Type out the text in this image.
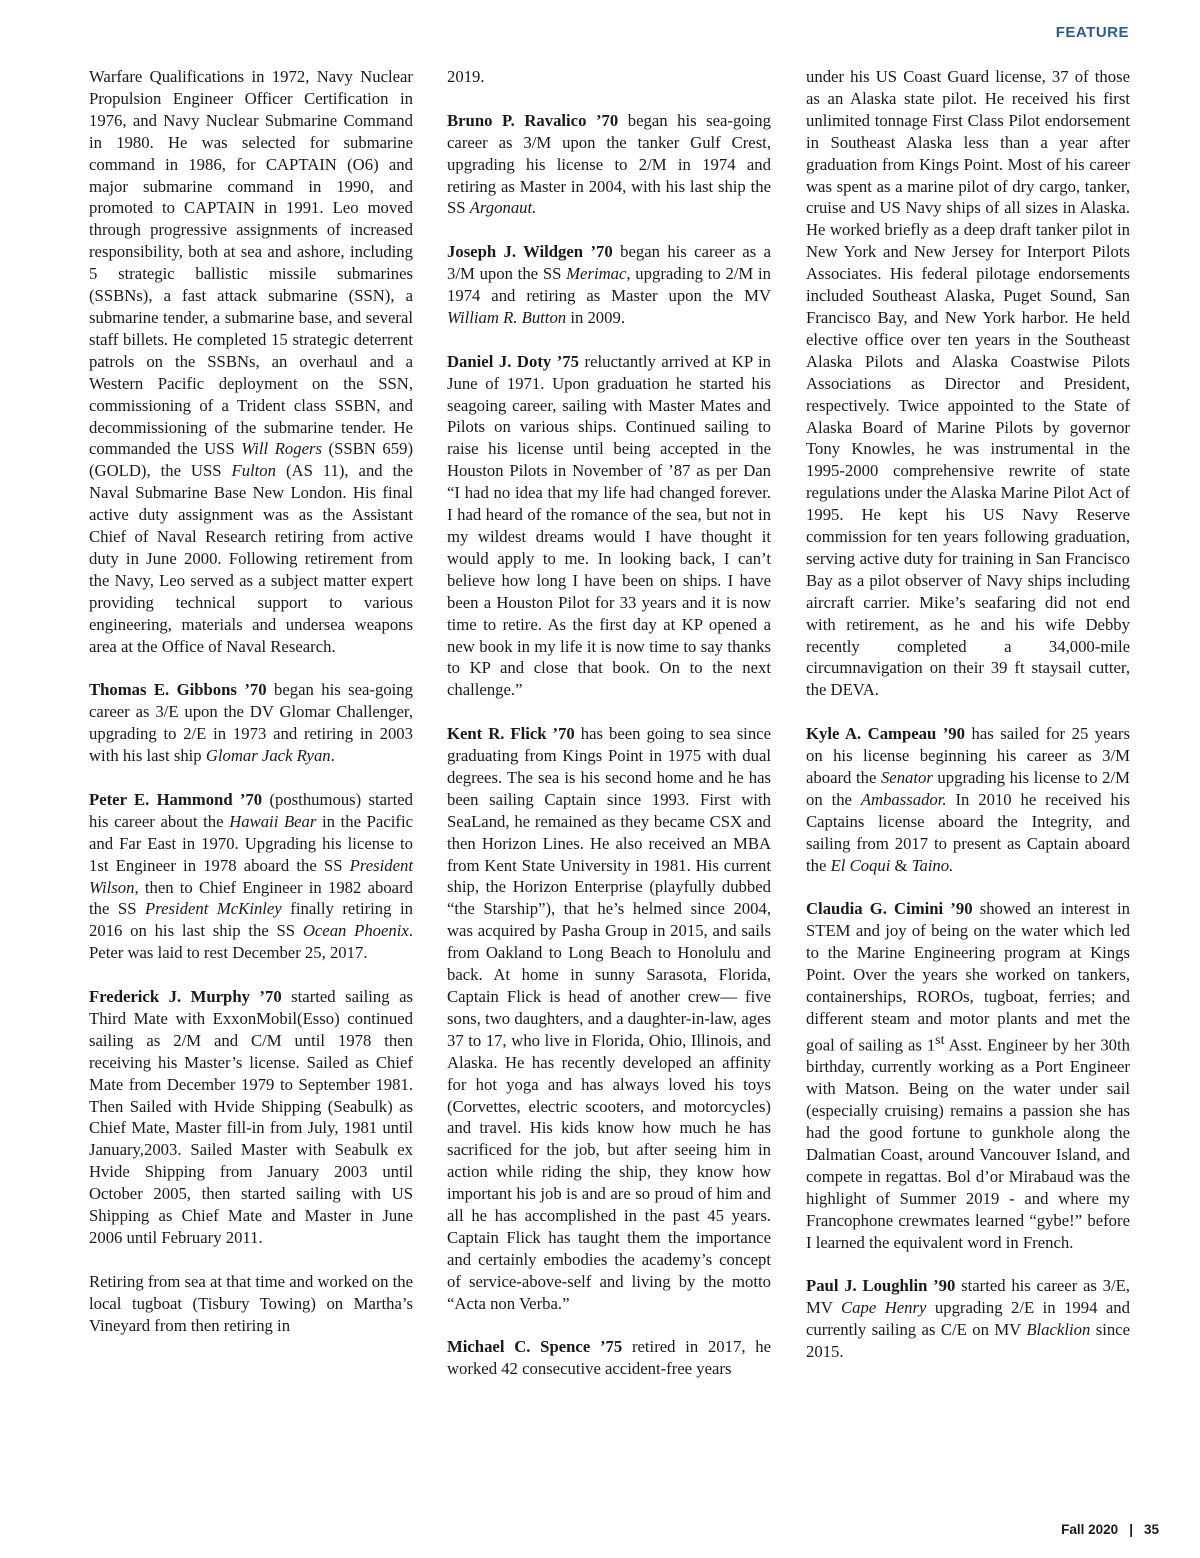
FEATURE

Warfare Qualifications in 1972, Navy Nuclear Propulsion Engineer Officer Certification in 1976, and Navy Nuclear Submarine Command in 1980. He was selected for submarine command in 1986, for CAPTAIN (O6) and major submarine command in 1990, and promoted to CAPTAIN in 1991. Leo moved through progressive assignments of increased responsibility, both at sea and ashore, including 5 strategic ballistic missile submarines (SSBNs), a fast attack submarine (SSN), a submarine tender, a submarine base, and several staff billets. He completed 15 strategic deterrent patrols on the SSBNs, an overhaul and a Western Pacific deployment on the SSN, commissioning of a Trident class SSBN, and decommissioning of the submarine tender. He commanded the USS Will Rogers (SSBN 659) (GOLD), the USS Fulton (AS 11), and the Naval Submarine Base New London. His final active duty assignment was as the Assistant Chief of Naval Research retiring from active duty in June 2000. Following retirement from the Navy, Leo served as a subject matter expert providing technical support to various engineering, materials and undersea weapons area at the Office of Naval Research.

Thomas E. Gibbons ’70 began his sea-going career as 3/E upon the DV Glomar Challenger, upgrading to 2/E in 1973 and retiring in 2003 with his last ship Glomar Jack Ryan.

Peter E. Hammond ’70 (posthumous) started his career about the Hawaii Bear in the Pacific and Far East in 1970. Upgrading his license to 1st Engineer in 1978 aboard the SS President Wilson, then to Chief Engineer in 1982 aboard the SS President McKinley finally retiring in 2016 on his last ship the SS Ocean Phoenix. Peter was laid to rest December 25, 2017.

Frederick J. Murphy ’70 started sailing as Third Mate with ExxonMobil(Esso) continued sailing as 2/M and C/M until 1978 then receiving his Master’s license. Sailed as Chief Mate from December 1979 to September 1981. Then Sailed with Hvide Shipping (Seabulk) as Chief Mate, Master fill-in from July, 1981 until January,2003. Sailed Master with Seabulk ex Hvide Shipping from January 2003 until October 2005, then started sailing with US Shipping as Chief Mate and Master in June 2006 until February 2011.

Retiring from sea at that time and worked on the local tugboat (Tisbury Towing) on Martha’s Vineyard from then retiring in

2019.

Bruno P. Ravalico ’70 began his sea-going career as 3/M upon the tanker Gulf Crest, upgrading his license to 2/M in 1974 and retiring as Master in 2004, with his last ship the SS Argonaut.

Joseph J. Wildgen ’70 began his career as a 3/M upon the SS Merimac, upgrading to 2/M in 1974 and retiring as Master upon the MV William R. Button in 2009.

Daniel J. Doty ’75 reluctantly arrived at KP in June of 1971. Upon graduation he started his seagoing career, sailing with Master Mates and Pilots on various ships. Continued sailing to raise his license until being accepted in the Houston Pilots in November of ’87 as per Dan “I had no idea that my life had changed forever. I had heard of the romance of the sea, but not in my wildest dreams would I have thought it would apply to me. In looking back, I can’t believe how long I have been on ships. I have been a Houston Pilot for 33 years and it is now time to retire. As the first day at KP opened a new book in my life it is now time to say thanks to KP and close that book. On to the next challenge.”

Kent R. Flick ’70 has been going to sea since graduating from Kings Point in 1975 with dual degrees. The sea is his second home and he has been sailing Captain since 1993. First with SeaLand, he remained as they became CSX and then Horizon Lines. He also received an MBA from Kent State University in 1981. His current ship, the Horizon Enterprise (playfully dubbed “the Starship”), that he’s helmed since 2004, was acquired by Pasha Group in 2015, and sails from Oakland to Long Beach to Honolulu and back. At home in sunny Sarasota, Florida, Captain Flick is head of another crew— five sons, two daughters, and a daughter-in-law, ages 37 to 17, who live in Florida, Ohio, Illinois, and Alaska. He has recently developed an affinity for hot yoga and has always loved his toys (Corvettes, electric scooters, and motorcycles) and travel. His kids know how much he has sacrificed for the job, but after seeing him in action while riding the ship, they know how important his job is and are so proud of him and all he has accomplished in the past 45 years. Captain Flick has taught them the importance and certainly embodies the academy’s concept of service-above-self and living by the motto “Acta non Verba.”

Michael C. Spence ’75 retired in 2017, he worked 42 consecutive accident-free years

under his US Coast Guard license, 37 of those as an Alaska state pilot. He received his first unlimited tonnage First Class Pilot endorsement in Southeast Alaska less than a year after graduation from Kings Point. Most of his career was spent as a marine pilot of dry cargo, tanker, cruise and US Navy ships of all sizes in Alaska. He worked briefly as a deep draft tanker pilot in New York and New Jersey for Interport Pilots Associates. His federal pilotage endorsements included Southeast Alaska, Puget Sound, San Francisco Bay, and New York harbor. He held elective office over ten years in the Southeast Alaska Pilots and Alaska Coastwise Pilots Associations as Director and President, respectively. Twice appointed to the State of Alaska Board of Marine Pilots by governor Tony Knowles, he was instrumental in the 1995-2000 comprehensive rewrite of state regulations under the Alaska Marine Pilot Act of 1995. He kept his US Navy Reserve commission for ten years following graduation, serving active duty for training in San Francisco Bay as a pilot observer of Navy ships including aircraft carrier. Mike’s seafaring did not end with retirement, as he and his wife Debby recently completed a 34,000-mile circumnavigation on their 39 ft staysail cutter, the DEVA.

Kyle A. Campeau ’90 has sailed for 25 years on his license beginning his career as 3/M aboard the Senator upgrading his license to 2/M on the Ambassador. In 2010 he received his Captains license aboard the Integrity, and sailing from 2017 to present as Captain aboard the El Coqui & Taino.

Claudia G. Cimini ’90 showed an interest in STEM and joy of being on the water which led to the Marine Engineering program at Kings Point. Over the years she worked on tankers, containerships, ROROs, tugboat, ferries; and different steam and motor plants and met the goal of sailing as 1st Asst. Engineer by her 30th birthday, currently working as a Port Engineer with Matson. Being on the water under sail (especially cruising) remains a passion she has had the good fortune to gunkhole along the Dalmatian Coast, around Vancouver Island, and compete in regattas. Bol d’or Mirabaud was the highlight of Summer 2019 - and where my Francophone crewmates learned “gybe!” before I learned the equivalent word in French.

Paul J. Loughlin ’90 started his career as 3/E, MV Cape Henry upgrading 2/E in 1994 and currently sailing as C/E on MV Blacklion since 2015.

Fall 2020 | 35
